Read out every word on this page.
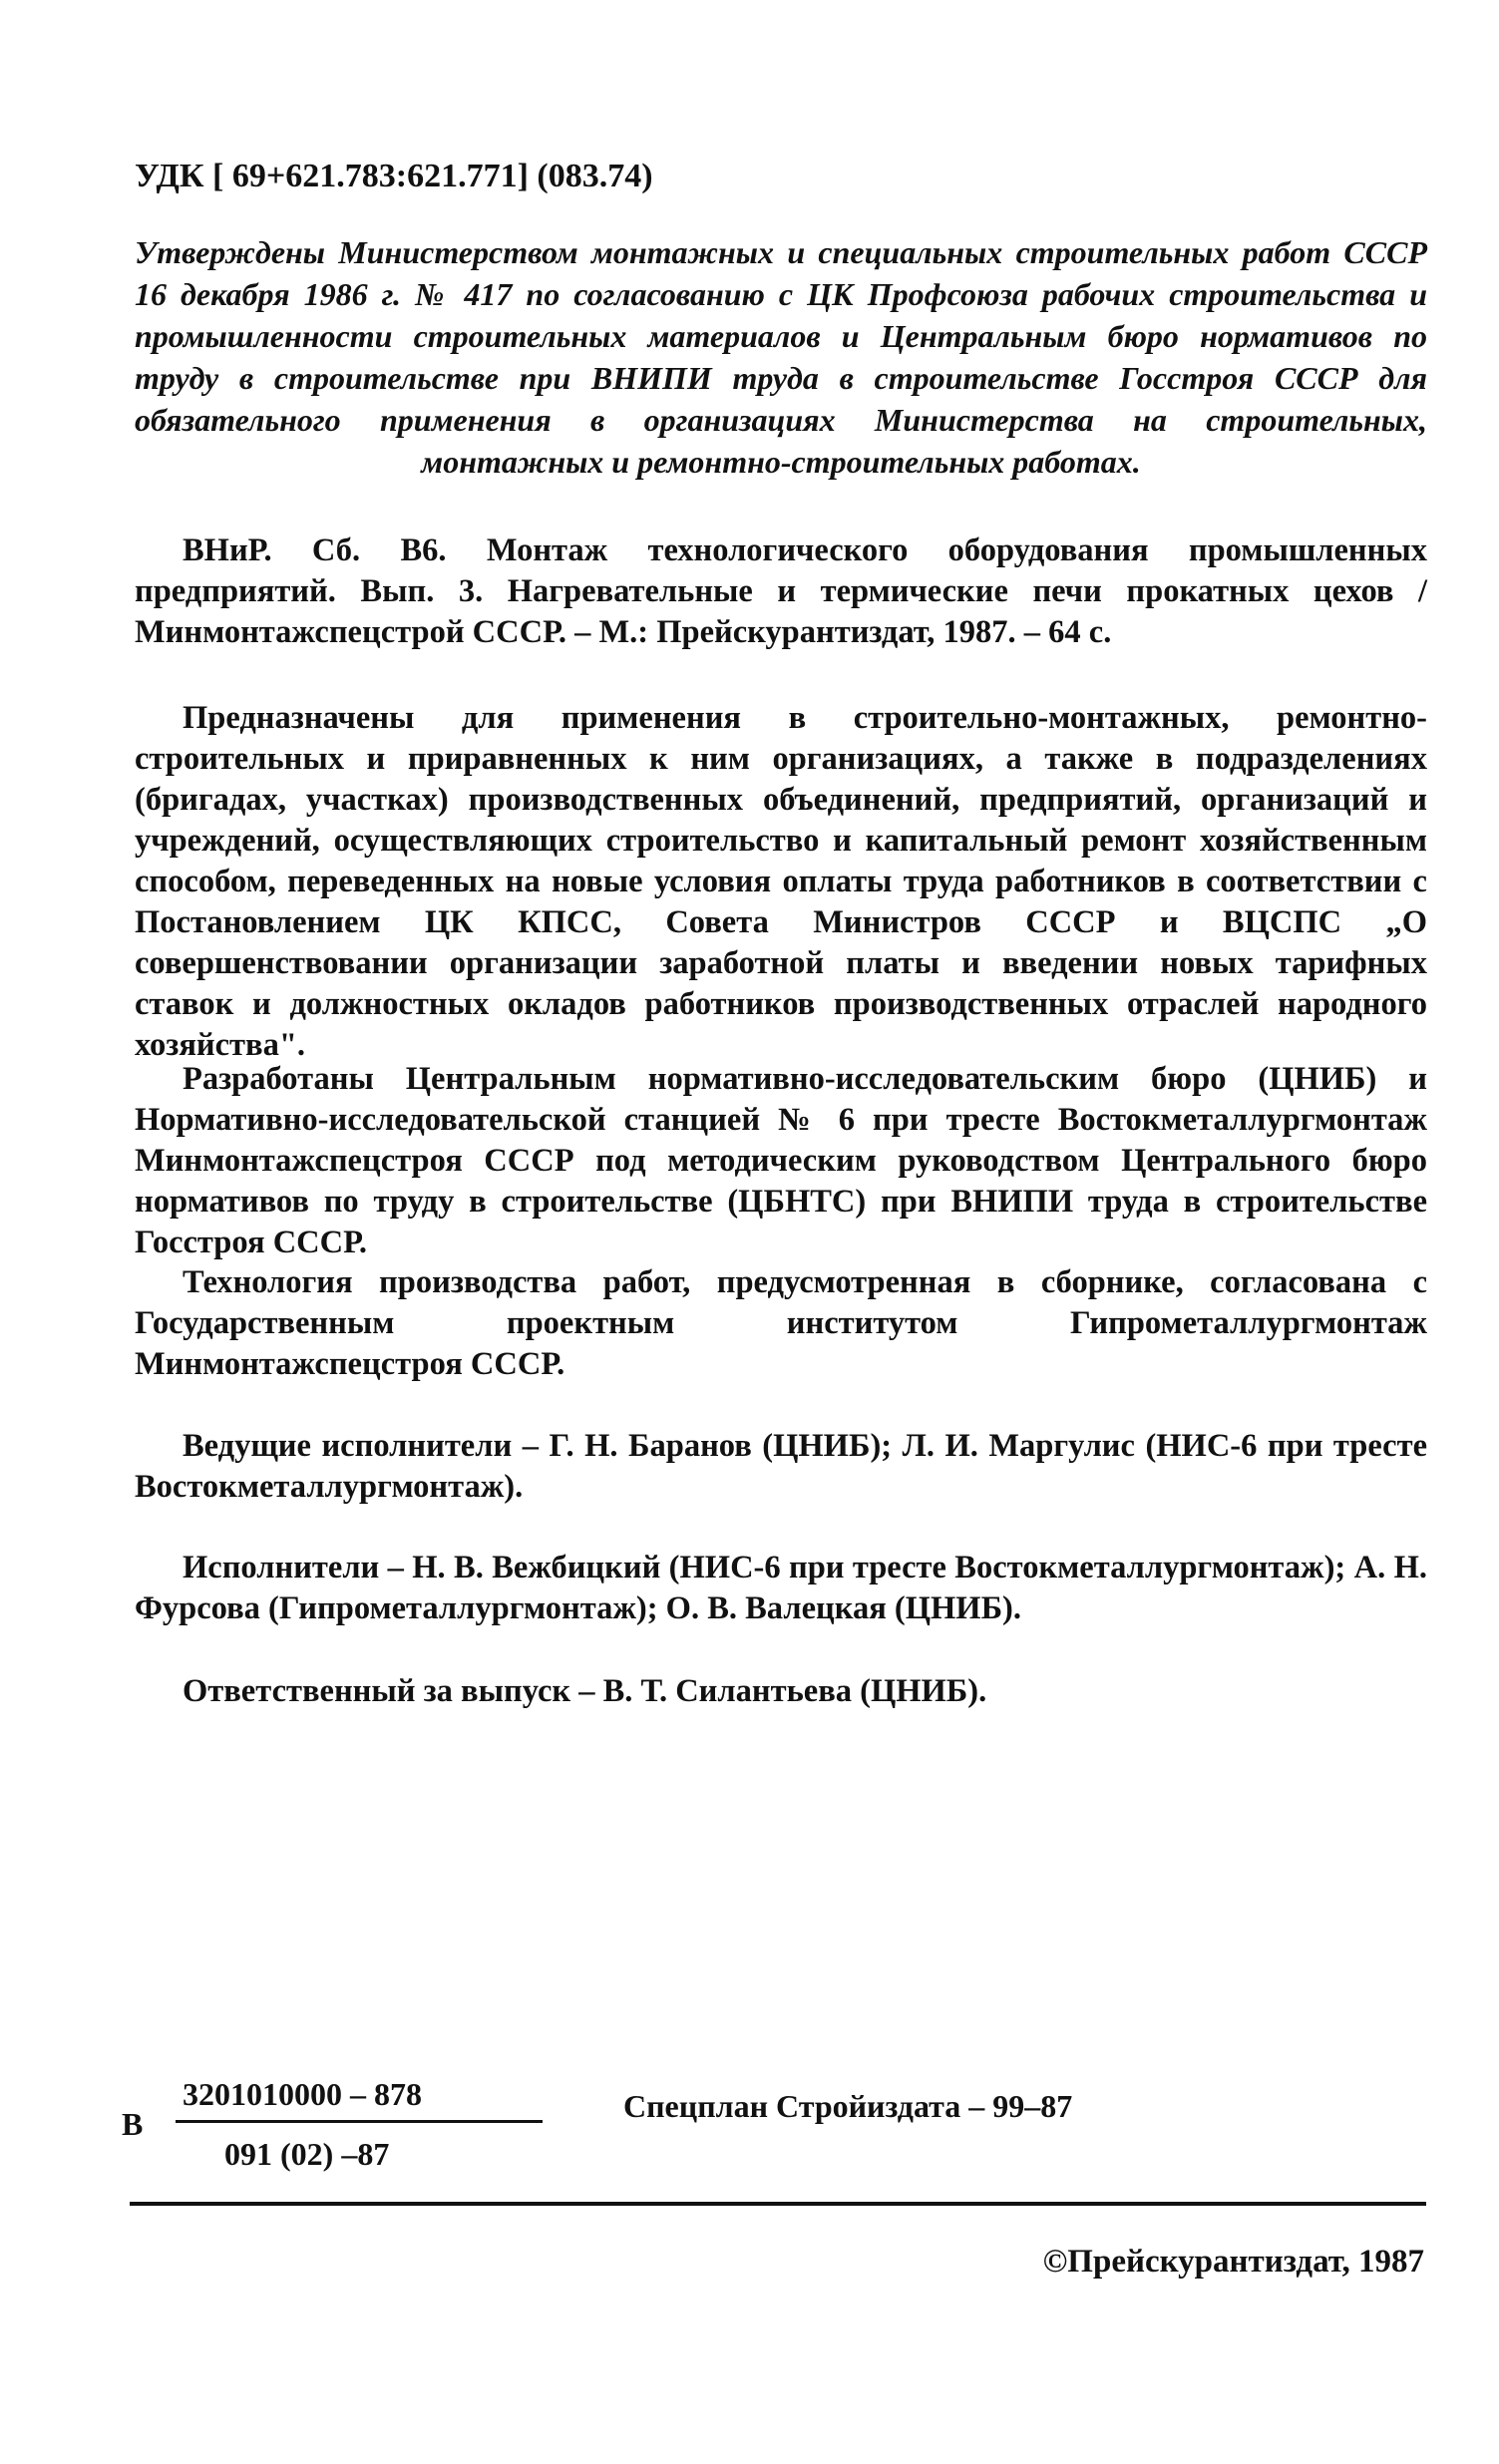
УДК [ 69+621.783:621.771] (083.74)
Утверждены Министерством монтажных и специальных строительных работ СССР 16 декабря 1986 г. № 417 по согласованию с ЦК Профсоюза рабочих строительства и промышленности строительных материалов и Центральным бюро нормативов по труду в строительстве при ВНИПИ труда в строительстве Госстроя СССР для обязательного применения в организациях Министерства на строительных, монтажных и ремонтно-строительных работах.
ВНиР. Сб. В6. Монтаж технологического оборудования промышленных предприятий. Вып. 3. Нагревательные и термические печи прокатных цехов /Минмонтажспецстрой СССР. – М.: Прейскурантиздат, 1987. – 64 с.
Предназначены для применения в строительно-монтажных, ремонтно-строительных и приравненных к ним организациях, а также в подразделениях (бригадах, участках) производственных объединений, предприятий, организаций и учреждений, осуществляющих строительство и капитальный ремонт хозяйственным способом, переведенных на новые условия оплаты труда работников в соответствии с Постановлением ЦК КПСС, Совета Министров СССР и ВЦСПС „О совершенствовании организации заработной платы и введении новых тарифных ставок и должностных окладов работников производственных отраслей народного хозяйства".
Разработаны Центральным нормативно-исследовательским бюро (ЦНИБ) и Нормативно-исследовательской станцией № 6 при тресте Востокметаллургмонтаж Минмонтажспецстроя СССР под методическим руководством Центрального бюро нормативов по труду в строительстве (ЦБНТС) при ВНИПИ труда в строительстве Госстроя СССР.
Технология производства работ, предусмотренная в сборнике, согласована с Государственным проектным институтом Гипрометаллургмонтаж Минмонтажспецстроя СССР.
Ведущие исполнители – Г. Н. Баранов (ЦНИБ); Л. И. Маргулис (НИС-6 при тресте Востокметаллургмонтаж).
Исполнители – Н. В. Вежбицкий (НИС-6 при тресте Востокметаллургмонтаж); А. Н. Фурсова (Гипрометаллургмонтаж); О. В. Валецкая (ЦНИБ).
Ответственный за выпуск – В. Т. Силантьева (ЦНИБ).
В
3201010000 – 878
091 (02) –87
Спецплан Стройиздата – 99–87
©Прейскурантиздат, 1987
